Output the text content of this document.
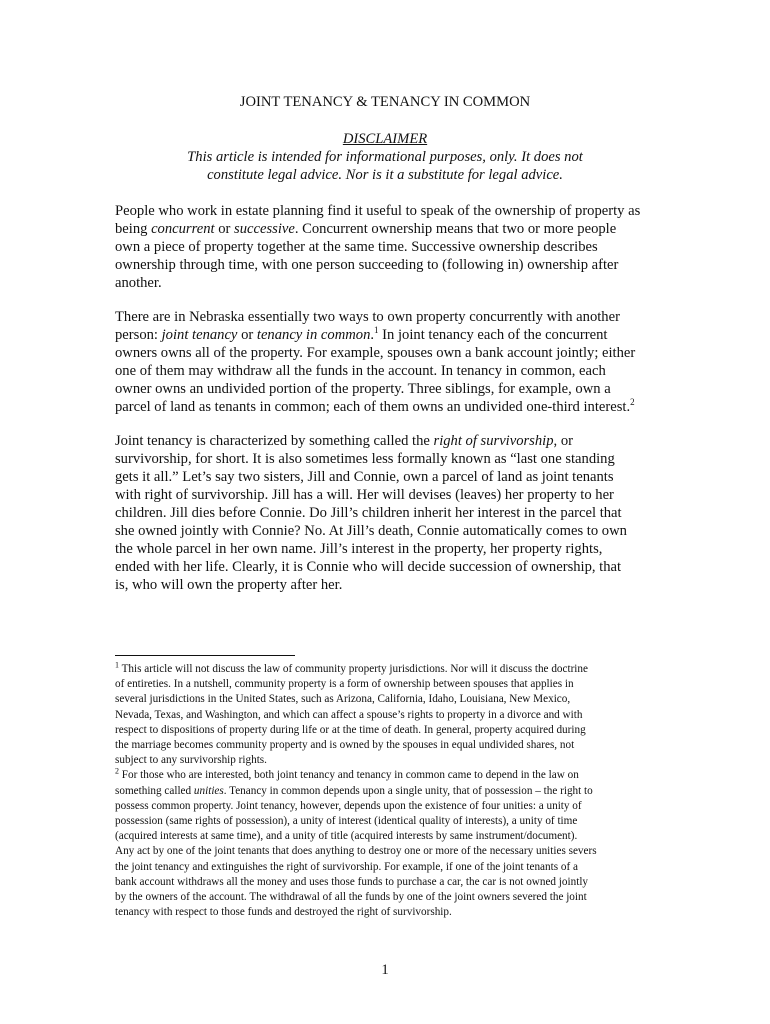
JOINT TENANCY & TENANCY IN COMMON
DISCLAIMER
This article is intended for informational purposes, only. It does not
constitute legal advice. Nor is it a substitute for legal advice.

People who work in estate planning find it useful to speak of the ownership of property as
being concurrent or successive. Concurrent ownership means that two or more people
own a piece of property together at the same time. Successive ownership describes
ownership through time, with one person succeeding to (following in) ownership after
another.

There are in Nebraska essentially two ways to own property concurrently with another
person: joint tenancy or tenancy in common.$^1$ In joint tenancy each of the concurrent
owners owns all of the property. For example, spouses own a bank account jointly; either
one of them may withdraw all the funds in the account. In tenancy in common, each
owner owns an undivided portion of the property. Three siblings, for example, own a
parcel of land as tenants in common; each of them owns an undivided one-third interest.$^2$

Joint tenancy is characterized by something called the right of survivorship, or
survivorship, for short. It is also sometimes less formally known as “last one standing
gets it all.” Let’s say two sisters, Jill and Connie, own a parcel of land as joint tenants
with right of survivorship. Jill has a will. Her will devises (leaves) her property to her
children. Jill dies before Connie. Do Jill’s children inherit her interest in the parcel that
she owned jointly with Connie? No. At Jill’s death, Connie automatically comes to own
the whole parcel in her own name. Jill’s interest in the property, her property rights,
ended with her life. Clearly, it is Connie who will decide succession of ownership, that
is, who will own the property after her.

$^1$ This article will not discuss the law of community property jurisdictions. Nor will it discuss the doctrine
of entireties. In a nutshell, community property is a form of ownership between spouses that applies in
several jurisdictions in the United States, such as Arizona, California, Idaho, Louisiana, New Mexico,
Nevada, Texas, and Washington, and which can affect a spouse’s rights to property in a divorce and with
respect to dispositions of property during life or at the time of death. In general, property acquired during
the marriage becomes community property and is owned by the spouses in equal undivided shares, not
subject to any survivorship rights.
$^2$ For those who are interested, both joint tenancy and tenancy in common came to depend in the law on
something called unities. Tenancy in common depends upon a single unity, that of possession – the right to
possess common property. Joint tenancy, however, depends upon the existence of four unities: a unity of
possession (same rights of possession), a unity of interest (identical quality of interests), a unity of time
(acquired interests at same time), and a unity of title (acquired interests by same instrument/document).
Any act by one of the joint tenants that does anything to destroy one or more of the necessary unities severs
the joint tenancy and extinguishes the right of survivorship. For example, if one of the joint tenants of a
bank account withdraws all the money and uses those funds to purchase a car, the car is not owned jointly
by the owners of the account. The withdrawal of all the funds by one of the joint owners severed the joint
tenancy with respect to those funds and destroyed the right of survivorship.

1
